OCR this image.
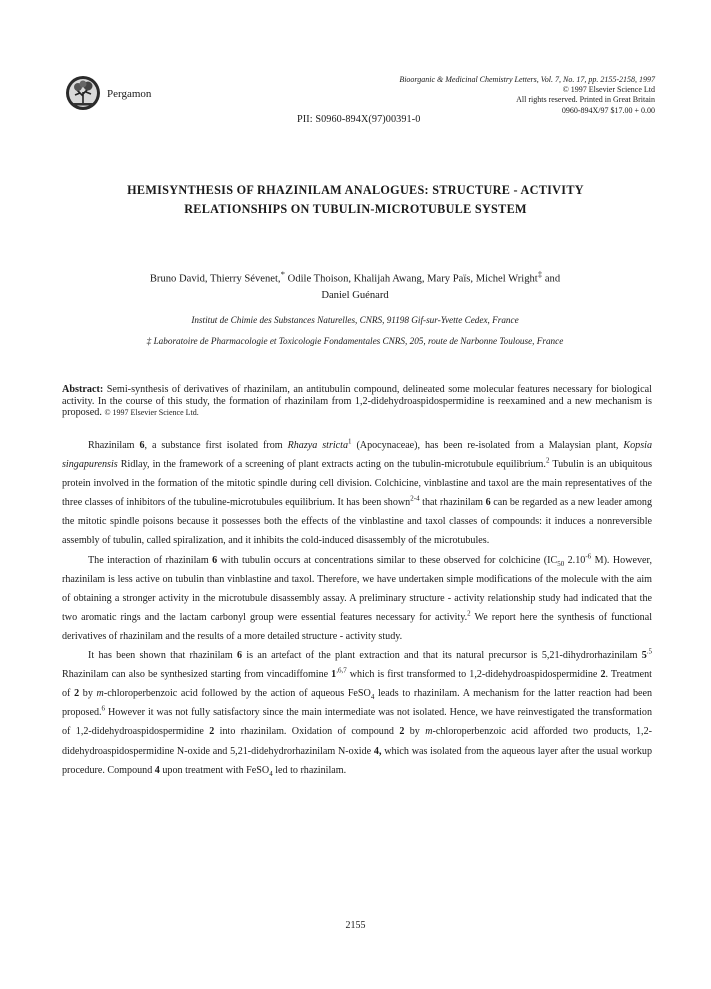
Pergamon
Bioorganic & Medicinal Chemistry Letters, Vol. 7, No. 17, pp. 2155-2158, 1997
© 1997 Elsevier Science Ltd
All rights reserved. Printed in Great Britain
0960-894X/97 $17.00 + 0.00
PII: S0960-894X(97)00391-0
HEMISYNTHESIS OF RHAZINILAM ANALOGUES: STRUCTURE - ACTIVITY
RELATIONSHIPS ON TUBULIN-MICROTUBULE SYSTEM
Bruno David, Thierry Sévenet,* Odile Thoison, Khalijah Awang, Mary Païs, Michel Wright‡ and
Daniel Guénard
Institut de Chimie des Substances Naturelles, CNRS, 91198 Gif-sur-Yvette Cedex, France
‡ Laboratoire de Pharmacologie et Toxicologie Fondamentales CNRS, 205, route de Narbonne Toulouse, France
Abstract: Semi-synthesis of derivatives of rhazinilam, an antitubulin compound, delineated some molecular features necessary for biological activity. In the course of this study, the formation of rhazinilam from 1,2-didehydroaspidospermidine is reexamined and a new mechanism is proposed. © 1997 Elsevier Science Ltd.

Rhazinilam 6, a substance first isolated from Rhazya stricta$^1$ (Apocynaceae), has been re-isolated from a Malaysian plant, Kopsia singapurensis Ridlay, in the framework of a screening of plant extracts acting on the tubulin-microtubule equilibrium.$^2$ Tubulin is an ubiquitous protein involved in the formation of the mitotic spindle during cell division. Colchicine, vinblastine and taxol are the main representatives of the three classes of inhibitors of the tubuline-microtubules equilibrium. It has been shown$^{2-4}$ that rhazinilam 6 can be regarded as a new leader among the mitotic spindle poisons because it possesses both the effects of the vinblastine and taxol classes of compounds: it induces a nonreversible assembly of tubulin, called spiralization, and it inhibits the cold-induced disassembly of the microtubules.

The interaction of rhazinilam 6 with tubulin occurs at concentrations similar to these observed for colchicine ($IC_{50}$ $2.10^{-6}$ M). However, rhazinilam is less active on tubulin than vinblastine and taxol. Therefore, we have undertaken simple modifications of the molecule with the aim of obtaining a stronger activity in the microtubule disassembly assay. A preliminary structure - activity relationship study had indicated that the two aromatic rings and the lactam carbonyl group were essential features necessary for activity.$^2$ We report here the synthesis of functional derivatives of rhazinilam and the results of a more detailed structure - activity study.

It has been shown that rhazinilam 6 is an artefact of the plant extraction and that its natural precursor is 5,21-dihydrorhazinilam $5^{.5}$ Rhazinilam can also be synthesized starting from vincadiffomine $1^{,6,7}$ which is first transformed to 1,2-didehydroaspidospermidine 2. Treatment of 2 by m-chloroperbenzoic acid followed by the action of aqueous FeSO$_4$ leads to rhazinilam. A mechanism for the latter reaction had been proposed.$^6$ However it was not fully satisfactory since the main intermediate was not isolated. Hence, we have reinvestigated the transformation of 1,2-didehydroaspidospermidine 2 into rhazinilam. Oxidation of compound 2 by m-chloroperbenzoic acid afforded two products, 1,2-didehydroaspidospermidine N-oxide and 5,21-didehydrorhazinilam N-oxide 4, which was isolated from the aqueous layer after the usual workup procedure. Compound 4 upon treatment with FeSO$_4$ led to rhazinilam.

2155
